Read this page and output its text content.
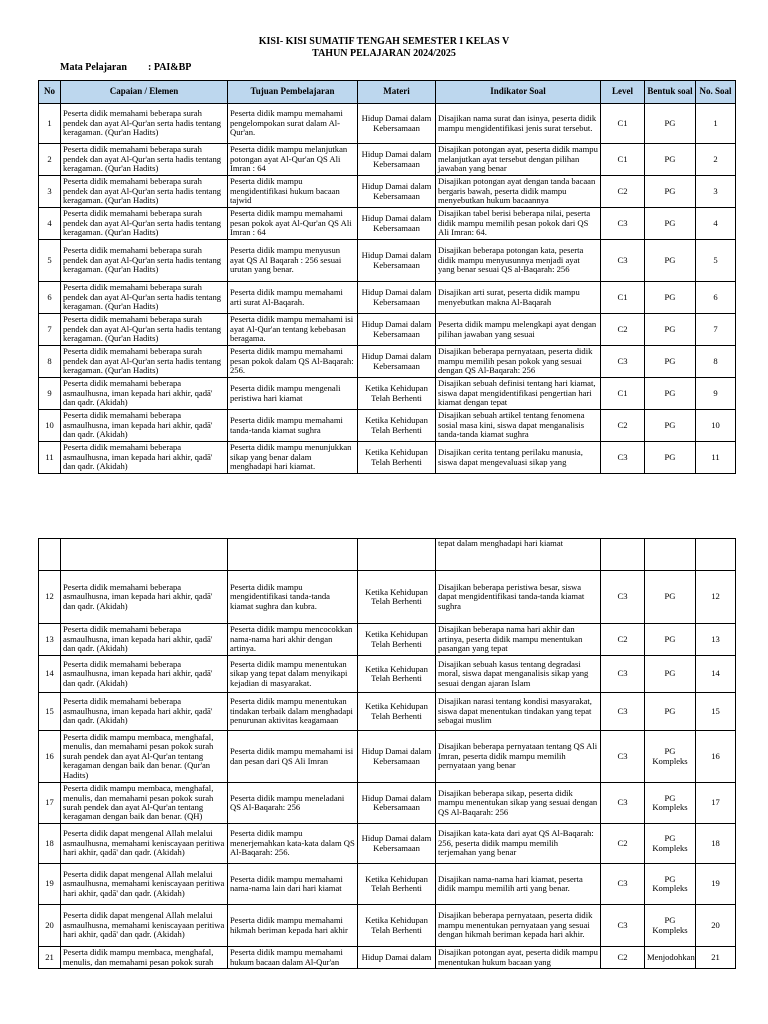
KISI- KISI SUMATIF TENGAH SEMESTER I KELAS V
TAHUN PELAJARAN 2024/2025
Mata Pelajaran : PAI&BP
No	Capaian / Elemen	Tujuan Pembelajaran	Materi	Indikator Soal	Level	Bentuk soal	No. Soal
1	Peserta didik memahami beberapa surah pendek dan ayat Al-Qur'an serta hadis tentang keragaman. (Qur'an Hadits)	Peserta didik mampu memahami pengelompokan surat dalam Al-Qur'an.	Hidup Damai dalam Kebersamaan	Disajikan nama surat dan isinya, peserta didik mampu mengidentifikasi jenis surat tersebut.	C1	PG	1
2	Peserta didik memahami beberapa surah pendek dan ayat Al-Qur'an serta hadis tentang keragaman. (Qur'an Hadits)	Peserta didik mampu melanjutkan potongan ayat Al-Qur'an QS Ali Imran : 64	Hidup Damai dalam Kebersamaan	Disajikan potongan ayat, peserta didik mampu melanjutkan ayat tersebut dengan pilihan jawaban yang benar	C1	PG	2
3	Peserta didik memahami beberapa surah pendek dan ayat Al-Qur'an serta hadis tentang keragaman. (Qur'an Hadits)	Peserta didik mampu mengidentifikasi hukum bacaan tajwid	Hidup Damai dalam Kebersamaan	Disajikan potongan ayat dengan tanda bacaan bergaris bawah, peserta didik mampu menyebutkan hukum bacaannya	C2	PG	3
4	Peserta didik memahami beberapa surah pendek dan ayat Al-Qur'an serta hadis tentang keragaman. (Qur'an Hadits)	Peserta didik mampu memahami pesan pokok ayat Al-Qur'an QS Ali Imran : 64	Hidup Damai dalam Kebersamaan	Disajikan tabel berisi beberapa nilai, peserta didik mampu memilih pesan pokok dari QS Ali Imran: 64.	C3	PG	4
5	Peserta didik memahami beberapa surah pendek dan ayat Al-Qur'an serta hadis tentang keragaman. (Qur'an Hadits)	Peserta didik mampu menyusun ayat QS Al Baqarah : 256 sesuai urutan yang benar.	Hidup Damai dalam Kebersamaan	Disajikan beberapa potongan kata, peserta didik mampu menyusunnya menjadi ayat yang benar sesuai QS al-Baqarah: 256	C3	PG	5
6	Peserta didik memahami beberapa surah pendek dan ayat Al-Qur'an serta hadis tentang keragaman. (Qur'an Hadits)	Peserta didik mampu memahami arti surat Al-Baqarah.	Hidup Damai dalam Kebersamaan	Disajikan arti surat, peserta didik mampu menyebutkan makna Al-Baqarah	C1	PG	6
7	Peserta didik memahami beberapa surah pendek dan ayat Al-Qur'an serta hadis tentang keragaman. (Qur'an Hadits)	Peserta didik mampu memahami isi ayat Al-Qur'an tentang kebebasan beragama.	Hidup Damai dalam Kebersamaan	Peserta didik mampu melengkapi ayat dengan pilihan jawaban yang sesuai	C2	PG	7
8	Peserta didik memahami beberapa surah pendek dan ayat Al-Qur'an serta hadis tentang keragaman. (Qur'an Hadits)	Peserta didik mampu memahami pesan pokok dalam QS Al-Baqarah: 256.	Hidup Damai dalam Kebersamaan	Disajikan beberapa pernyataan, peserta didik mampu memilih pesan pokok yang sesuai dengan QS Al-Baqarah: 256	C3	PG	8
9	Peserta didik memahami beberapa asmaulhusna, iman kepada hari akhir, qadā' dan qadr. (Akidah)	Peserta didik mampu mengenali peristiwa hari kiamat	Ketika Kehidupan Telah Berhenti	Disajikan sebuah definisi tentang hari kiamat, siswa dapat mengidentifikasi pengertian hari kiamat dengan tepat	C1	PG	9
10	Peserta didik memahami beberapa asmaulhusna, iman kepada hari akhir, qadā' dan qadr. (Akidah)	Peserta didik mampu memahami tanda-tanda kiamat sughra	Ketika Kehidupan Telah Berhenti	Disajikan sebuah artikel tentang fenomena sosial masa kini, siswa dapat menganalisis tanda-tanda kiamat sughra	C2	PG	10
11	Peserta didik memahami beberapa asmaulhusna, iman kepada hari akhir, qadā' dan qadr. (Akidah)	Peserta didik mampu menunjukkan sikap yang benar dalam menghadapi hari kiamat.	Ketika Kehidupan Telah Berhenti	Disajikan cerita tentang perilaku manusia, siswa dapat mengevaluasi sikap yang	C3	PG	11
				tepat dalam menghadapi hari kiamat			
12	Peserta didik memahami beberapa asmaulhusna, iman kepada hari akhir, qadā' dan qadr. (Akidah)	Peserta didik mampu mengidentifikasi tanda-tanda kiamat sughra dan kubra.	Ketika Kehidupan Telah Berhenti	Disajikan beberapa peristiwa besar, siswa dapat mengidentifikasi tanda-tanda kiamat sughra	C3	PG	12
13	Peserta didik memahami beberapa asmaulhusna, iman kepada hari akhir, qadā' dan qadr. (Akidah)	Peserta didik mampu mencocokkan nama-nama hari akhir dengan artinya.	Ketika Kehidupan Telah Berhenti	Disajikan beberapa nama hari akhir dan artinya, peserta didik mampu menentukan pasangan yang tepat	C2	PG	13
14	Peserta didik memahami beberapa asmaulhusna, iman kepada hari akhir, qadā' dan qadr. (Akidah)	Peserta didik mampu menentukan sikap yang tepat dalam menyikapi kejadian di masyarakat.	Ketika Kehidupan Telah Berhenti	Disajikan sebuah kasus tentang degradasi moral, siswa dapat menganalisis sikap yang sesuai dengan ajaran Islam	C3	PG	14
15	Peserta didik memahami beberapa asmaulhusna, iman kepada hari akhir, qadā' dan qadr. (Akidah)	Peserta didik mampu menentukan tindakan terbaik dalam menghadapi penurunan aktivitas keagamaan	Ketika Kehidupan Telah Berhenti	Disajikan narasi tentang kondisi masyarakat, siswa dapat menentukan tindakan yang tepat sebagai muslim	C3	PG	15
16	Peserta didik mampu membaca, menghafal, menulis, dan memahami pesan pokok surah surah pendek dan ayat Al-Qur'an tentang keragaman dengan baik dan benar. (Qur'an Hadits)	Peserta didik mampu memahami isi dan pesan dari QS Ali Imran	Hidup Damai dalam Kebersamaan	Disajikan beberapa pernyataan tentang QS Ali Imran, peserta didik mampu memilih pernyataan yang benar	C3	PG Kompleks	16
17	Peserta didik mampu membaca, menghafal, menulis, dan memahami pesan pokok surah surah pendek dan ayat Al-Qur'an tentang keragaman dengan baik dan benar. (QH)	Peserta didik mampu meneladani QS Al-Baqarah: 256	Hidup Damai dalam Kebersamaan	Disajikan beberapa sikap, peserta didik mampu menentukan sikap yang sesuai dengan QS Al-Baqarah: 256	C3	PG Kompleks	17
18	Peserta didik dapat mengenal Allah melalui asmaulhusna, memahami keniscayaan peritiwa hari akhir, qadā' dan qadr. (Akidah)	Peserta didik mampu menerjemahkan kata-kata dalam QS Al-Baqarah: 256.	Hidup Damai dalam Kebersamaan	Disajikan kata-kata dari ayat QS Al-Baqarah: 256, peserta didik mampu memilih terjemahan yang benar	C2	PG Kompleks	18
19	Peserta didik dapat mengenal Allah melalui asmaulhusna, memahami keniscayaan peritiwa hari akhir, qadā' dan qadr. (Akidah)	Peserta didik mampu memahami nama-nama lain dari hari kiamat	Ketika Kehidupan Telah Berhenti	Disajikan nama-nama hari kiamat, peserta didik mampu memilih arti yang benar.	C3	PG Kompleks	19
20	Peserta didik dapat mengenal Allah melalui asmaulhusna, memahami keniscayaan peritiwa hari akhir, qadā' dan qadr. (Akidah)	Peserta didik mampu memahami hikmah beriman kepada hari akhir	Ketika Kehidupan Telah Berhenti	Disajikan beberapa pernyataan, peserta didik mampu menentukan pernyataan yang sesuai dengan hikmah beriman kepada hari akhir.	C3	PG Kompleks	20
21	Peserta didik mampu membaca, menghafal, menulis, dan memahami pesan pokok surah	Peserta didik mampu memahami hukum bacaan dalam Al-Qur'an	Hidup Damai dalam	Disajikan potongan ayat, peserta didik mampu menentukan hukum bacaan yang	C2	Menjodohkan	21
